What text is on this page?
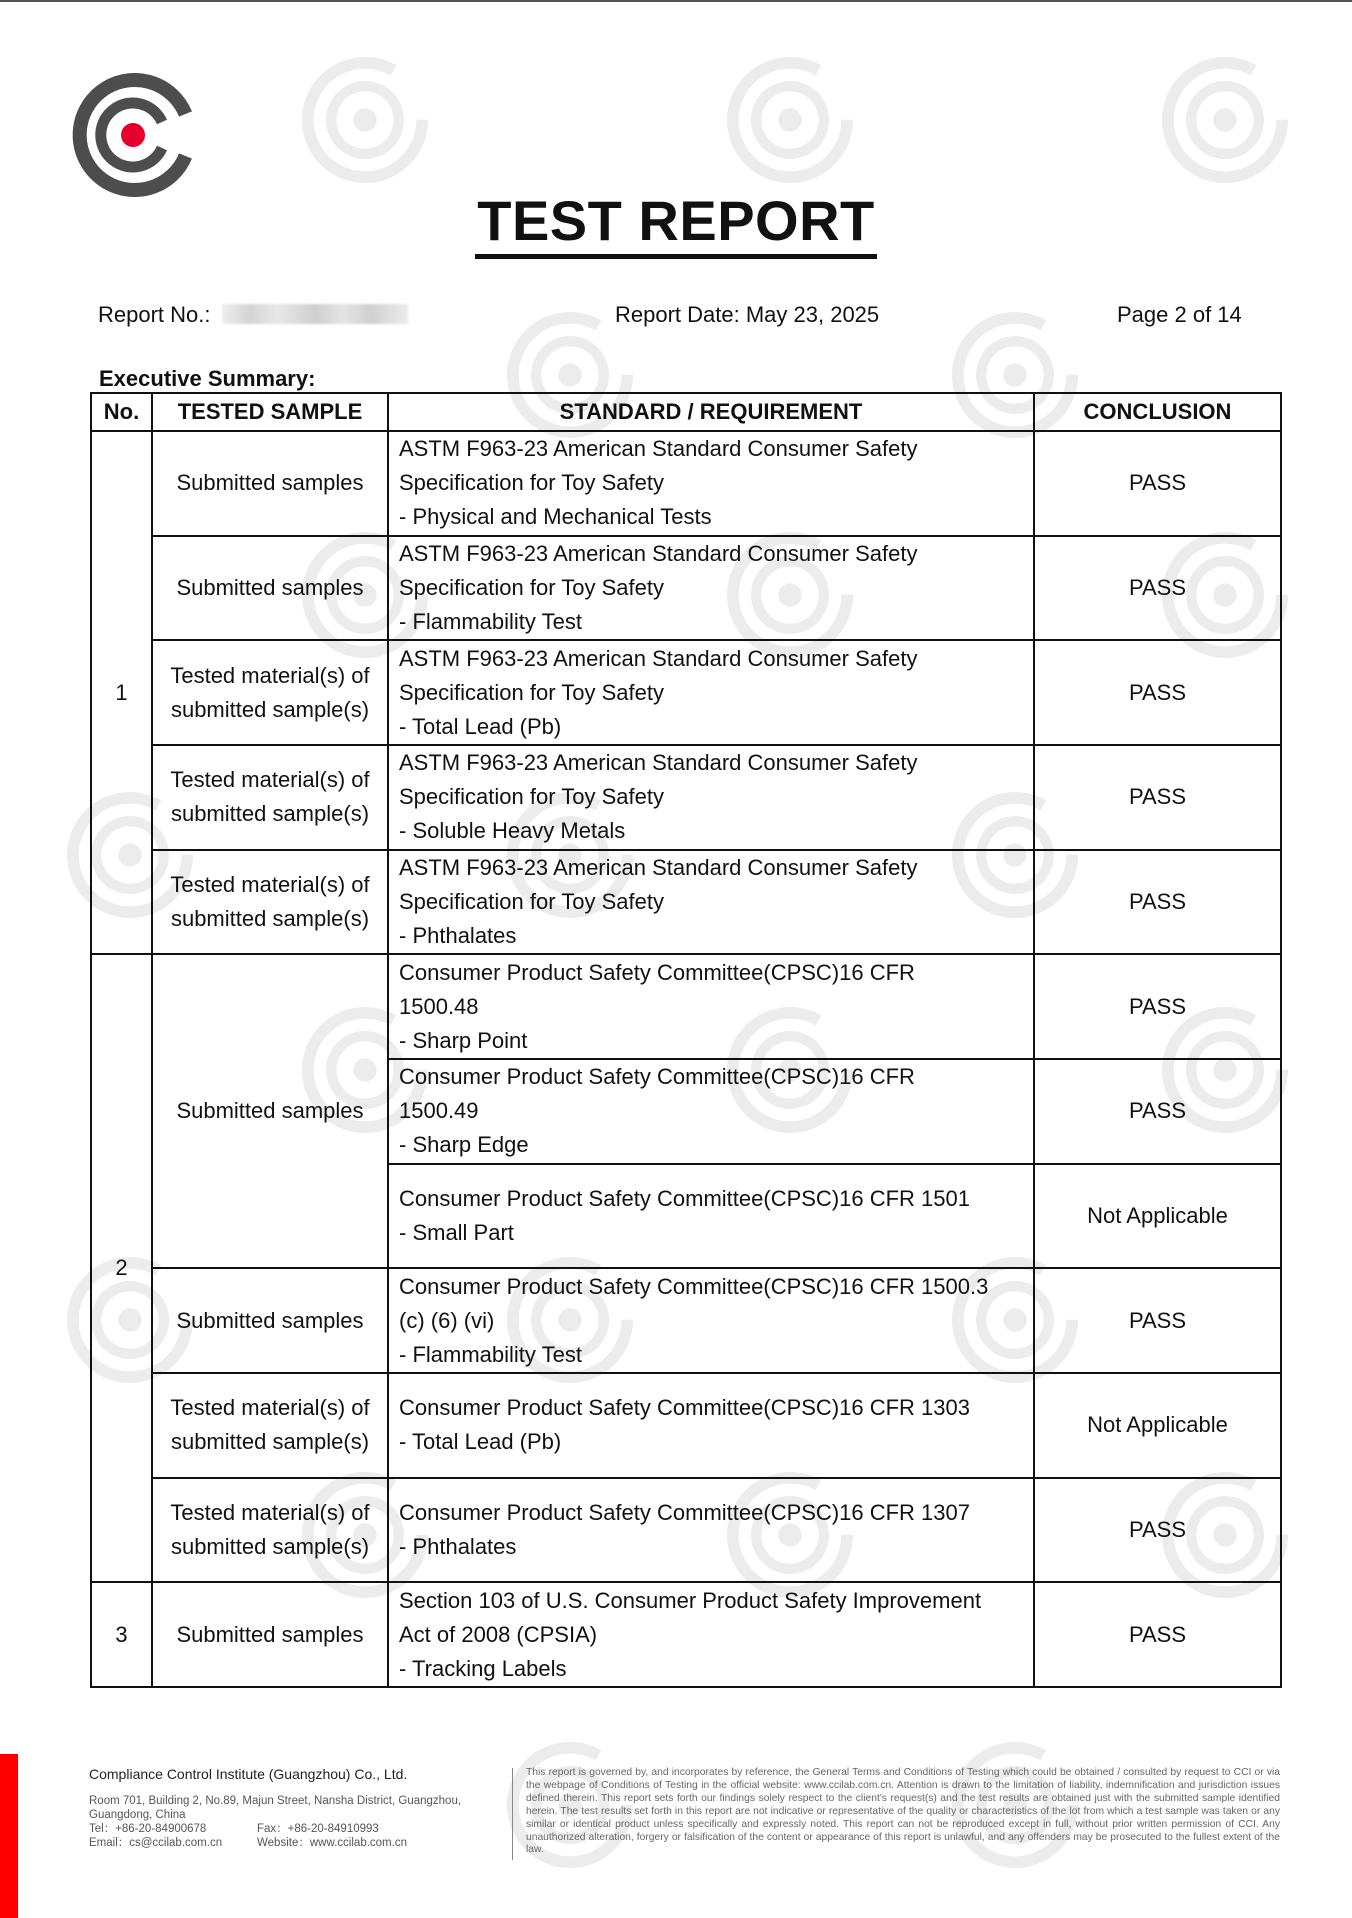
TEST REPORT
Report No.:	Report Date: May 23, 2025	Page 2 of 14
Executive Summary:
No.	TESTED SAMPLE	STANDARD / REQUIREMENT	CONCLUSION
1	Submitted samples	ASTM F963-23 American Standard Consumer Safety
Specification for Toy Safety
- Physical and Mechanical Tests	PASS
	Submitted samples	ASTM F963-23 American Standard Consumer Safety
Specification for Toy Safety
- Flammability Test	PASS
	Tested material(s) of submitted sample(s)	ASTM F963-23 American Standard Consumer Safety
Specification for Toy Safety
- Total Lead (Pb)	PASS
	Tested material(s) of submitted sample(s)	ASTM F963-23 American Standard Consumer Safety
Specification for Toy Safety
- Soluble Heavy Metals	PASS
	Tested material(s) of submitted sample(s)	ASTM F963-23 American Standard Consumer Safety
Specification for Toy Safety
- Phthalates	PASS
2	Submitted samples	Consumer Product Safety Committee(CPSC)16 CFR
1500.48
- Sharp Point	PASS

		Consumer Product Safety Committee(CPSC)16 CFR
1500.49
- Sharp Edge	PASS

		Consumer Product Safety Committee(CPSC)16 CFR 1501
- Small Part	Not Applicable
	Submitted samples	Consumer Product Safety Committee(CPSC)16 CFR 1500.3
(c) (6) (vi)
- Flammability Test	PASS
	Tested material(s) of submitted sample(s)	Consumer Product Safety Committee(CPSC)16 CFR 1303
- Total Lead (Pb)	Not Applicable
	Tested material(s) of submitted sample(s)	Consumer Product Safety Committee(CPSC)16 CFR 1307
- Phthalates	PASS
3	Submitted samples	Section 103 of U.S. Consumer Product Safety Improvement
Act of 2008 (CPSIA)
- Tracking Labels	PASS
Compliance Control Institute (Guangzhou) Co., Ltd.
Room 701, Building 2, No.89, Majun Street, Nansha District, Guangzhou,
Guangdong, China
Tel：+86-20-84900678	Fax：+86-20-84910993
Email：cs@ccilab.com.cn	Website：www.ccilab.com.cn
This report is governed by, and incorporates by reference, the General Terms and Conditions of Testing which could be obtained / consulted by request to CCI or via the webpage of Conditions of Testing in the official website: www.ccilab.com.cn. Attention is drawn to the limitation of liability, indemnification and jurisdiction issues defined therein. This report sets forth our findings solely respect to the client's request(s) and the test results are obtained just with the submitted sample identified herein. The test results set forth in this report are not indicative or representative of the quality or characteristics of the lot from which a test sample was taken or any similar or identical product unless specifically and expressly noted. This report can not be reproduced except in full, without prior written permission of CCI. Any unauthorized alteration, forgery or falsification of the content or appearance of this report is unlawful, and any offenders may be prosecuted to the fullest extent of the law.
